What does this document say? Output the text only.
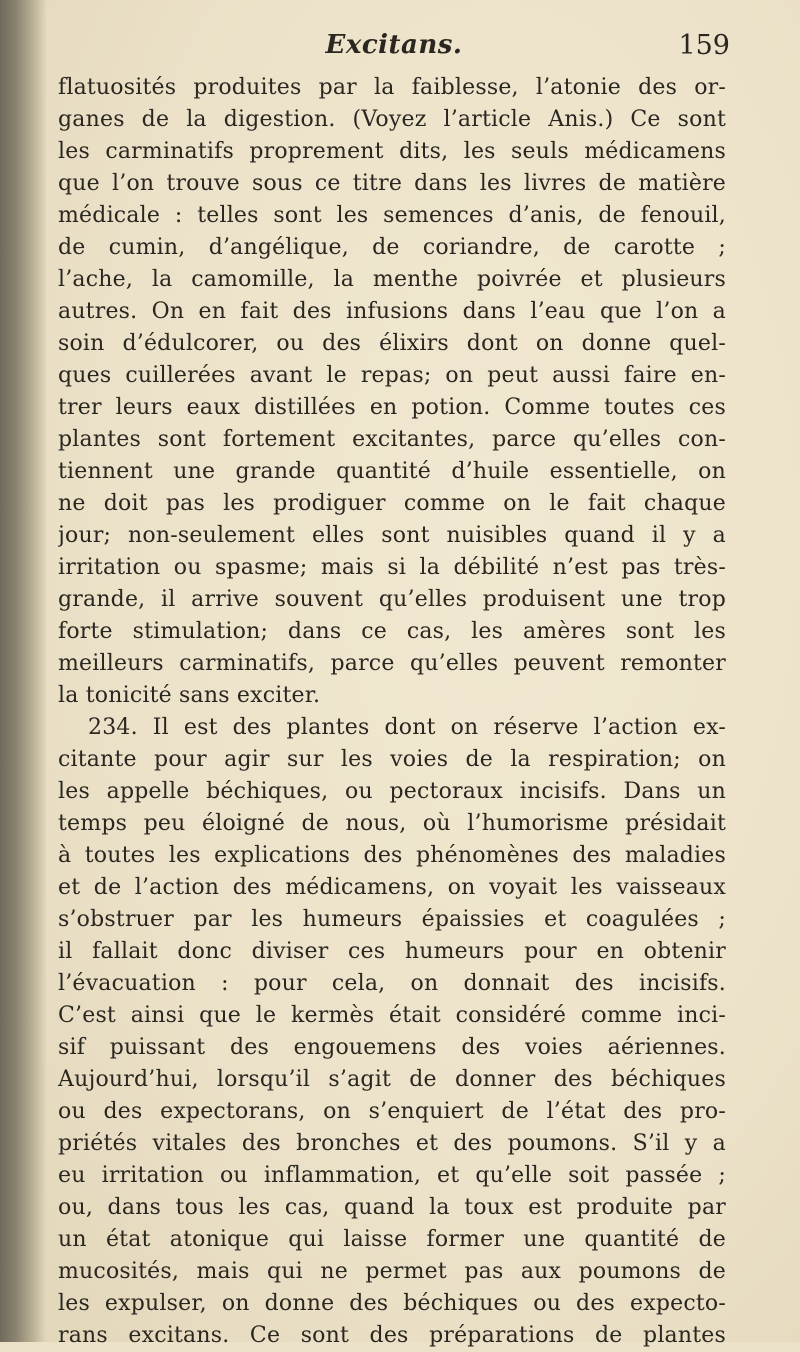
Excitans.	159
flatuosités produites par la faiblesse, l’atonie des or-
ganes de la digestion. (Voyez l’article Anis.) Ce sont
les carminatifs proprement dits, les seuls médicamens
que l’on trouve sous ce titre dans les livres de matière
médicale : telles sont les semences d’anis, de fenouil,
de cumin, d’angélique, de coriandre, de carotte ;
l’ache, la camomille, la menthe poivrée et plusieurs
autres. On en fait des infusions dans l’eau que l’on a
soin d’édulcorer, ou des élixirs dont on donne quel-
ques cuillerées avant le repas; on peut aussi faire en-
trer leurs eaux distillées en potion. Comme toutes ces
plantes sont fortement excitantes, parce qu’elles con-
tiennent une grande quantité d’huile essentielle, on
ne doit pas les prodiguer comme on le fait chaque
jour; non-seulement elles sont nuisibles quand il y a
irritation ou spasme; mais si la débilité n’est pas très-
grande, il arrive souvent qu’elles produisent une trop
forte stimulation; dans ce cas, les amères sont les
meilleurs carminatifs, parce qu’elles peuvent remonter
la tonicité sans exciter.
234. Il est des plantes dont on réserve l’action ex-
citante pour agir sur les voies de la respiration; on
les appelle béchiques, ou pectoraux incisifs. Dans un
temps peu éloigné de nous, où l’humorisme présidait
à toutes les explications des phénomènes des maladies
et de l’action des médicamens, on voyait les vaisseaux
s’obstruer par les humeurs épaissies et coagulées ;
il fallait donc diviser ces humeurs pour en obtenir
l’évacuation : pour cela, on donnait des incisifs.
C’est ainsi que le kermès était considéré comme inci-
sif puissant des engouemens des voies aériennes.
Aujourd’hui, lorsqu’il s’agit de donner des béchiques
ou des expectorans, on s’enquiert de l’état des pro-
priétés vitales des bronches et des poumons. S’il y a
eu irritation ou inflammation, et qu’elle soit passée ;
ou, dans tous les cas, quand la toux est produite par
un état atonique qui laisse former une quantité de
mucosités, mais qui ne permet pas aux poumons de
les expulser, on donne des béchiques ou des expecto-
rans excitans. Ce sont des préparations de plantes
